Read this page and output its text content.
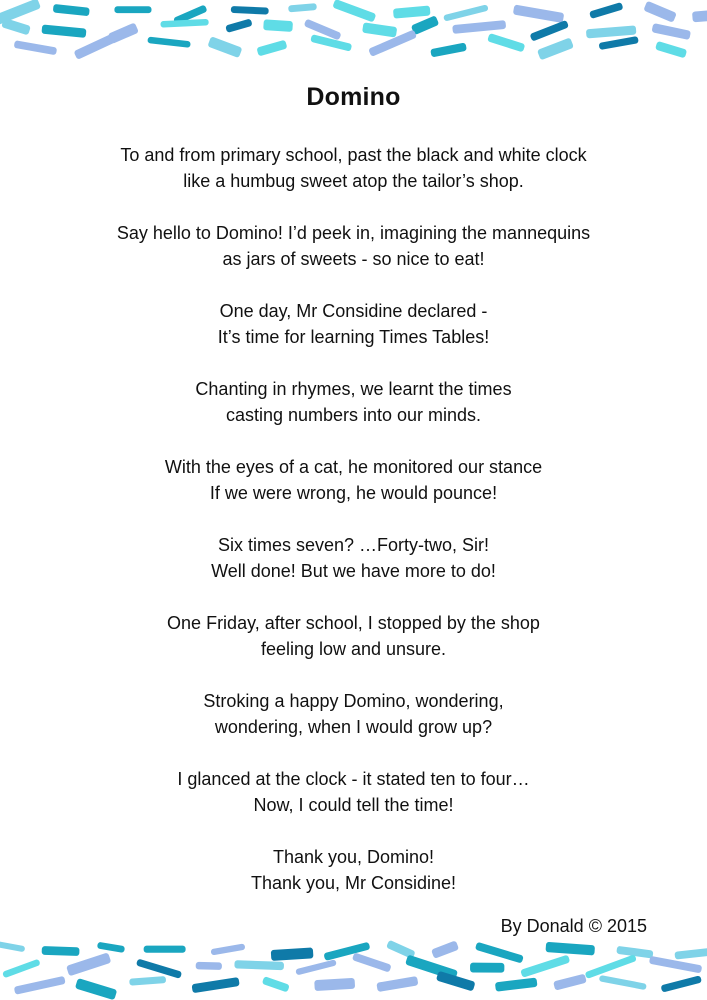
Domino
To and from primary school, past the black and white clock
like a humbug sweet atop the tailor’s shop.
Say hello to Domino! I’d peek in, imagining the mannequins
as jars of sweets - so nice to eat!
One day, Mr Considine declared -
It’s time for learning Times Tables!
Chanting in rhymes, we learnt the times
casting numbers into our minds.
With the eyes of a cat, he monitored our stance
If we were wrong, he would pounce!
Six times seven? …Forty-two, Sir!
Well done! But we have more to do!
One Friday, after school, I stopped by the shop
feeling low and unsure.
Stroking a happy Domino, wondering,
wondering, when I would grow up?
I glanced at the clock - it stated ten to four…
Now, I could tell the time!
Thank you, Domino!
Thank you, Mr Considine!
By Donald © 2015
